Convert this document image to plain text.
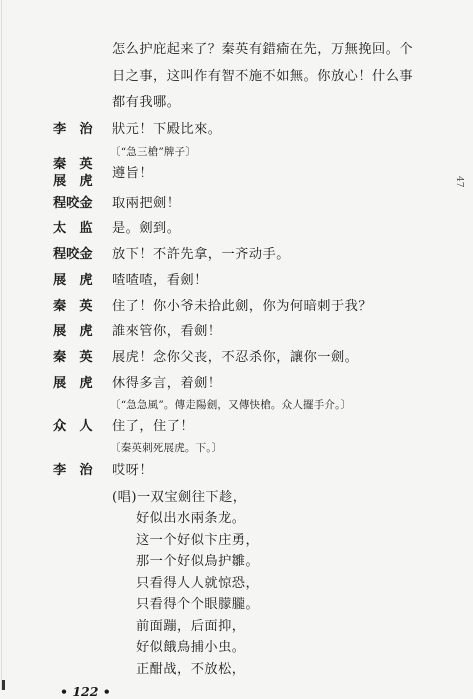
47
怎么护庇起来了？秦英有錯瘉在先，万無挽回。个
日之事，这叫作有智不施不如無。你放心！什么事
都有我哪。
李　治 狀元！下殿比來。
〔“急三槍”牌子〕
秦　英
展　虎
遵旨！
程咬金 取兩把劍！
太　监 是。劍到。
程咬金 放下！不許先拿，一齐动手。
展　虎 喳喳喳，看劍！
秦　英 住了！你小爷未拾此劍，你为何暗刺于我？
展　虎 誰來管你，看劍！
秦　英 展虎！念你父丧，不忍杀你，讓你一劍。
展　虎 休得多言，着劍！
〔“急急風”。傳走陽劍，又傳快槍。众人擺手介。〕
众　人 住了，住了！
〔秦英刺死展虎。下。〕
李　治 哎呀！
(唱)一双宝劍往下趁，
• 122 •
好似出水兩条龙。
这一个好似卞庄勇，
那一个好似鳥护雛。
只看得人人就惊恐，
只看得个个眼朦朧。
前面蹦，后面抑，
好似餓鳥捕小虫。
正酣战，不放松，
